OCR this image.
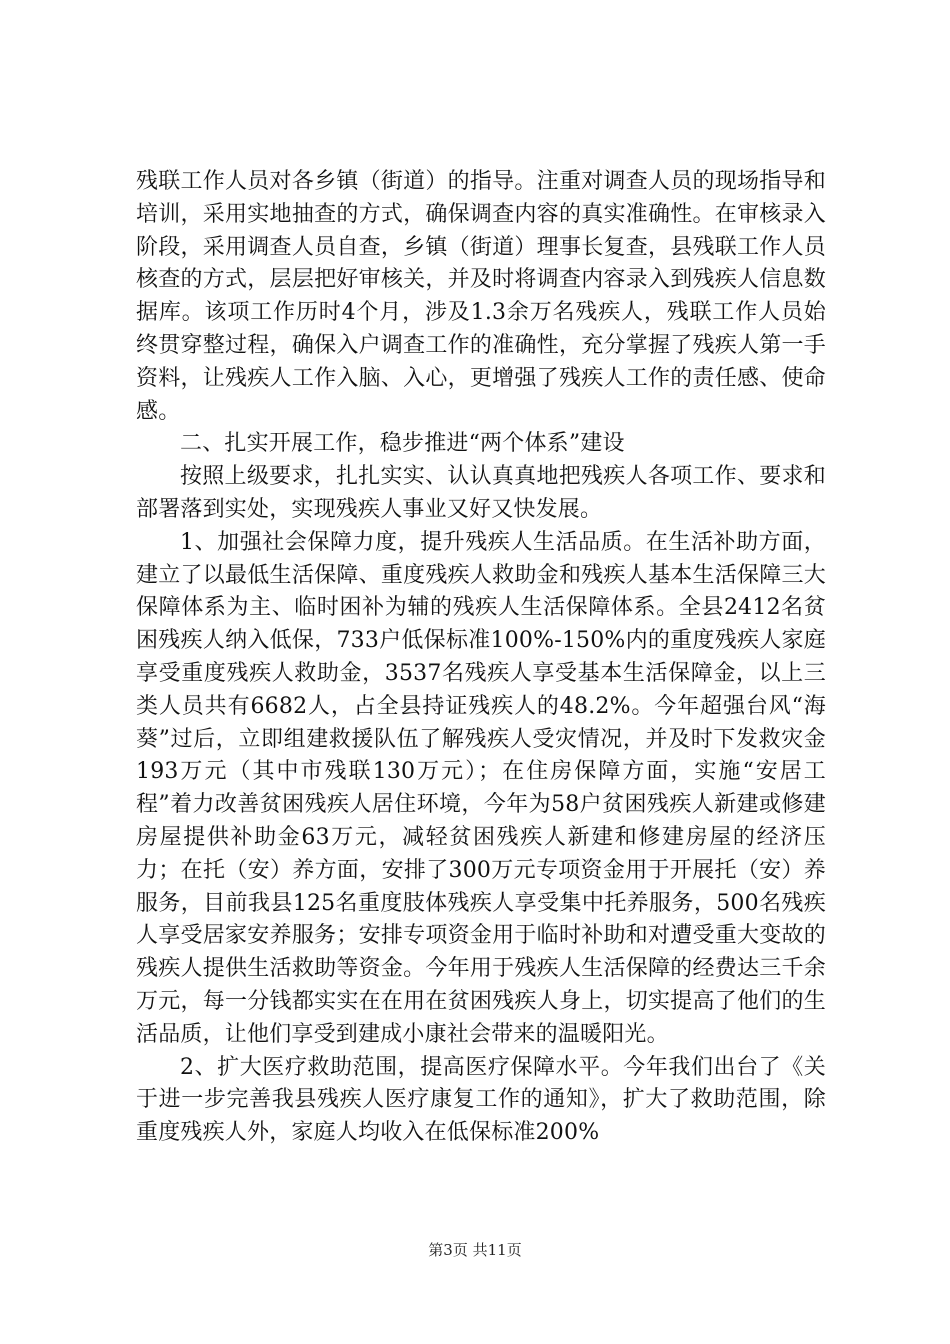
残联工作人员对各乡镇（街道）的指导。注重对调查人员的现场指导和培训，采用实地抽查的方式，确保调查内容的真实准确性。在审核录入阶段，采用调查人员自查，乡镇（街道）理事长复查，县残联工作人员核查的方式，层层把好审核关，并及时将调查内容录入到残疾人信息数据库。该项工作历时4个月，涉及1.3余万名残疾人，残联工作人员始终贯穿整过程，确保入户调查工作的准确性，充分掌握了残疾人第一手资料，让残疾人工作入脑、入心，更增强了残疾人工作的责任感、使命感。

二、扎实开展工作，稳步推进“两个体系”建设

按照上级要求，扎扎实实、认认真真地把残疾人各项工作、要求和部署落到实处，实现残疾人事业又好又快发展。

1、加强社会保障力度，提升残疾人生活品质。在生活补助方面，建立了以最低生活保障、重度残疾人救助金和残疾人基本生活保障三大保障体系为主、临时困补为辅的残疾人生活保障体系。全县2412名贫困残疾人纳入低保，733户低保标准100%-150%内的重度残疾人家庭享受重度残疾人救助金，3537名残疾人享受基本生活保障金，以上三类人员共有6682人，占全县持证残疾人的48.2%。今年超强台风“海葵”过后，立即组建救援队伍了解残疾人受灾情况，并及时下发救灾金193万元（其中市残联130万元）；在住房保障方面，实施“安居工程”着力改善贫困残疾人居住环境，今年为58户贫困残疾人新建或修建房屋提供补助金63万元，减轻贫困残疾人新建和修建房屋的经济压力；在托（安）养方面，安排了300万元专项资金用于开展托（安）养服务，目前我县125名重度肢体残疾人享受集中托养服务，500名残疾人享受居家安养服务；安排专项资金用于临时补助和对遭受重大变故的残疾人提供生活救助等资金。今年用于残疾人生活保障的经费达三千余万元，每一分钱都实实在在用在贫困残疾人身上，切实提高了他们的生活品质，让他们享受到建成小康社会带来的温暖阳光。

2、扩大医疗救助范围，提高医疗保障水平。今年我们出台了《关于进一步完善我县残疾人医疗康复工作的通知》，扩大了救助范围，除重度残疾人外，家庭人均收入在低保标准200%

第3页 共11页
